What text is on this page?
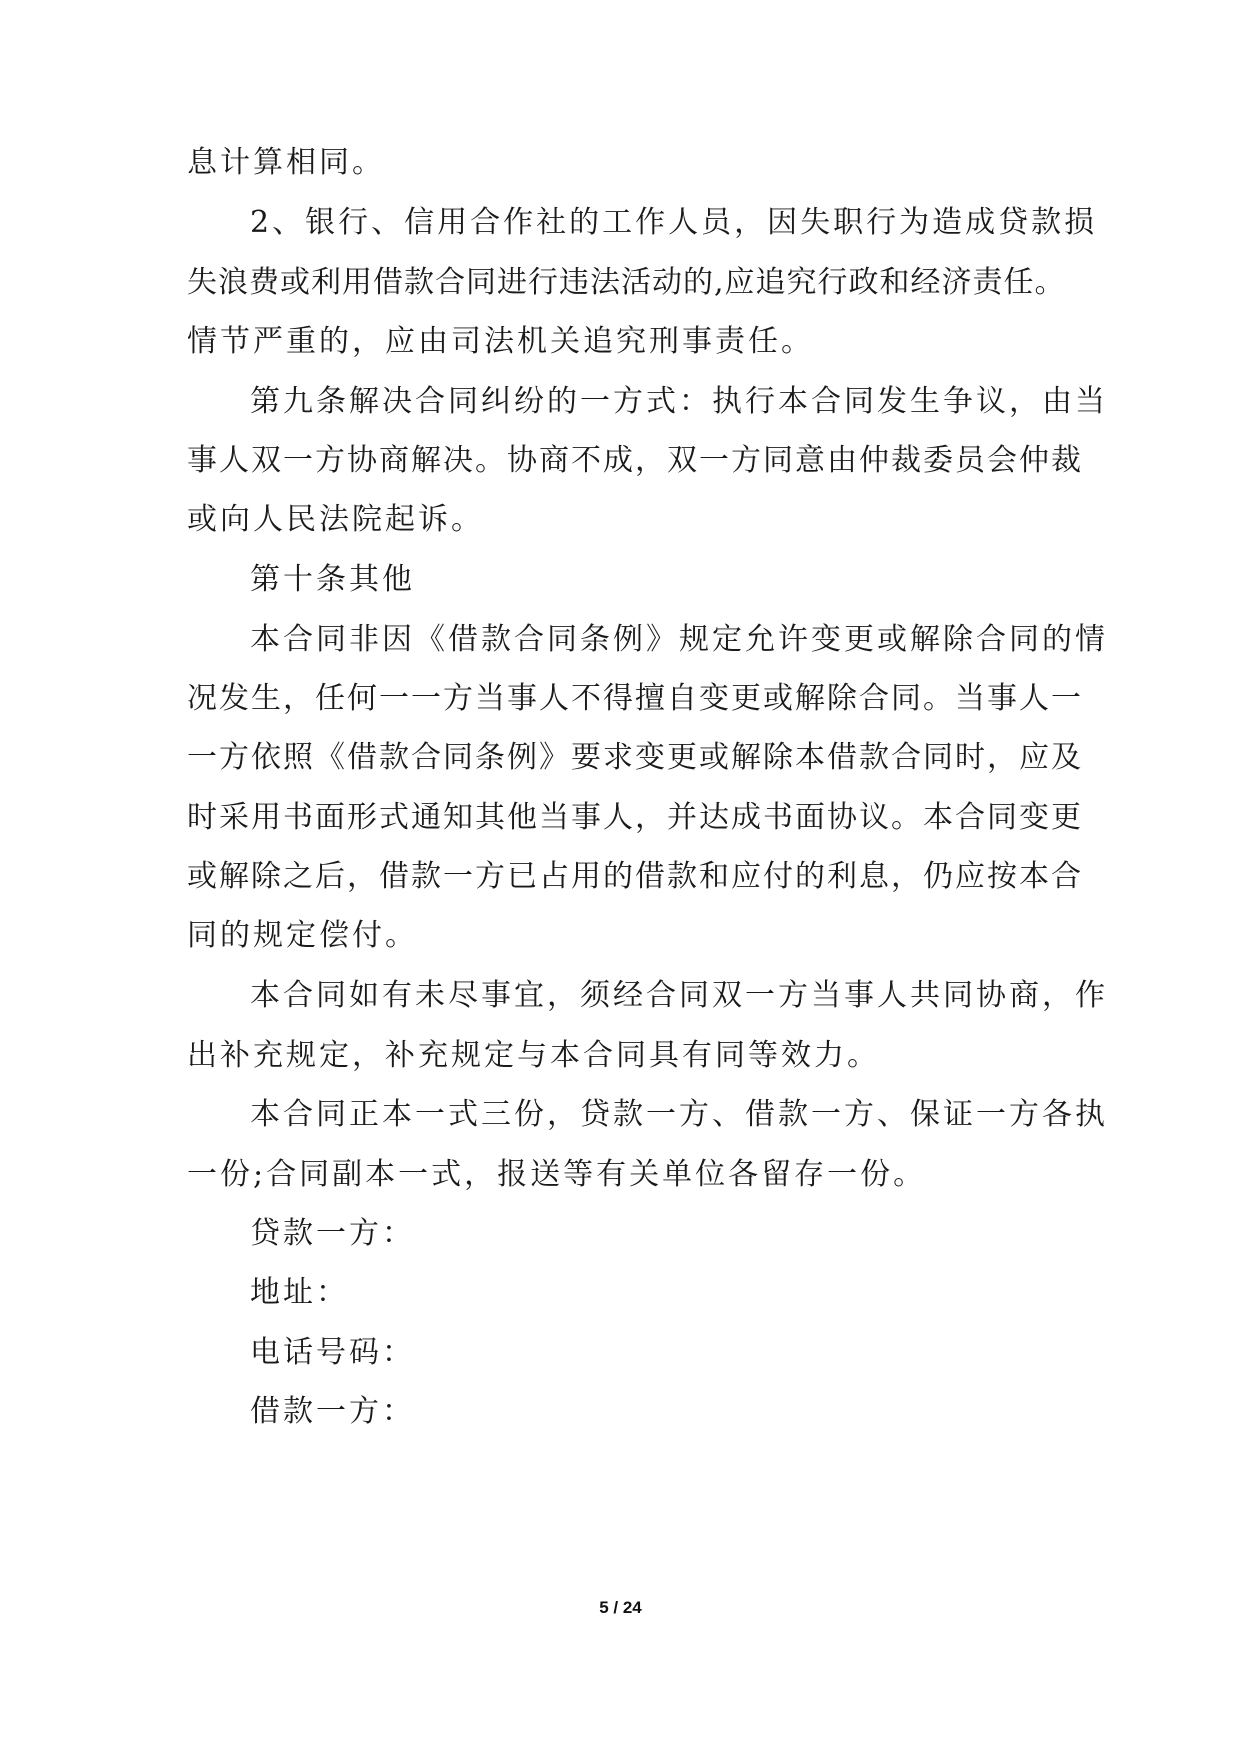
息计算相同。
2、银行、信用合作社的工作人员，因失职行为造成贷款损
失浪费或利用借款合同进行违法活动的,应追究行政和经济责任。
情节严重的，应由司法机关追究刑事责任。
第九条解决合同纠纷的一方式：执行本合同发生争议，由当
事人双一方协商解决。协商不成，双一方同意由仲裁委员会仲裁
或向人民法院起诉。
第十条其他
本合同非因《借款合同条例》规定允许变更或解除合同的情
况发生，任何一一方当事人不得擅自变更或解除合同。当事人一
一方依照《借款合同条例》要求变更或解除本借款合同时，应及
时采用书面形式通知其他当事人，并达成书面协议。本合同变更
或解除之后，借款一方已占用的借款和应付的利息，仍应按本合
同的规定偿付。
本合同如有未尽事宜，须经合同双一方当事人共同协商，作
出补充规定，补充规定与本合同具有同等效力。
本合同正本一式三份，贷款一方、借款一方、保证一方各执
一份;合同副本一式，报送等有关单位各留存一份。
贷款一方：
地址：
电话号码：
借款一方：
5 / 24
